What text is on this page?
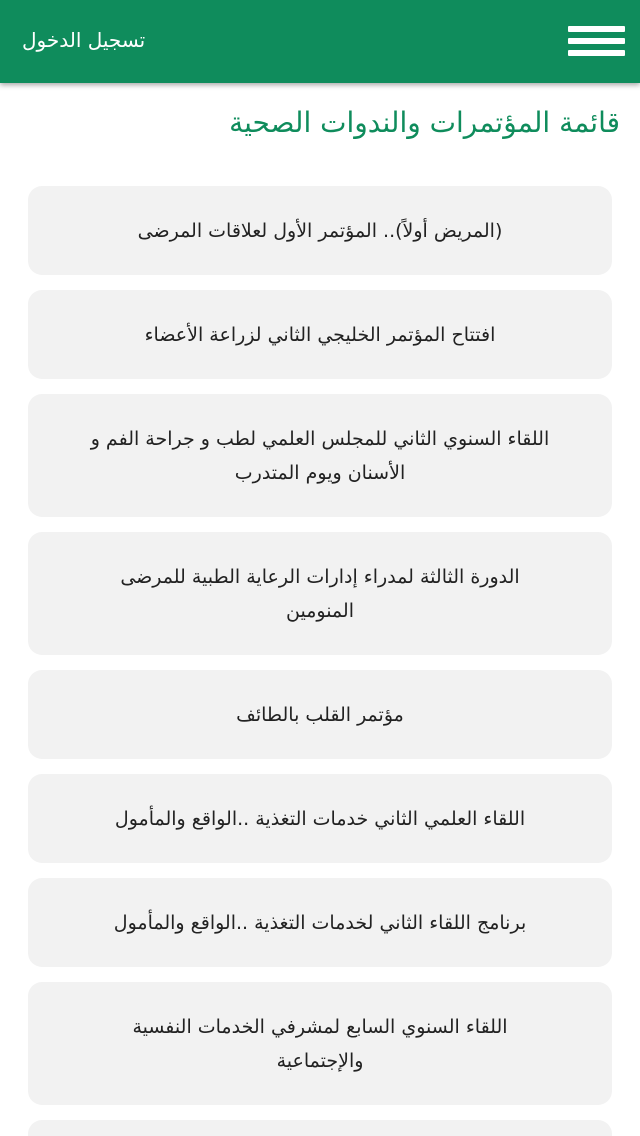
تسجيل الدخول
قائمة المؤتمرات والندوات الصحية
(المريض أولاً).. المؤتمر الأول لعلاقات المرضى
افتتاح المؤتمر الخليجي الثاني لزراعة الأعضاء
اللقاء السنوي الثاني للمجلس العلمي لطب و جراحة الفم و الأسنان ويوم المتدرب
الدورة الثالثة لمدراء إدارات الرعاية الطبية للمرضى المنومين
مؤتمر القلب بالطائف
اللقاء العلمي الثاني خدمات التغذية ..الواقع والمأمول
برنامج اللقاء الثاني لخدمات التغذية ..الواقع والمأمول
اللقاء السنوي السابع لمشرفي الخدمات النفسية والإجتماعية
